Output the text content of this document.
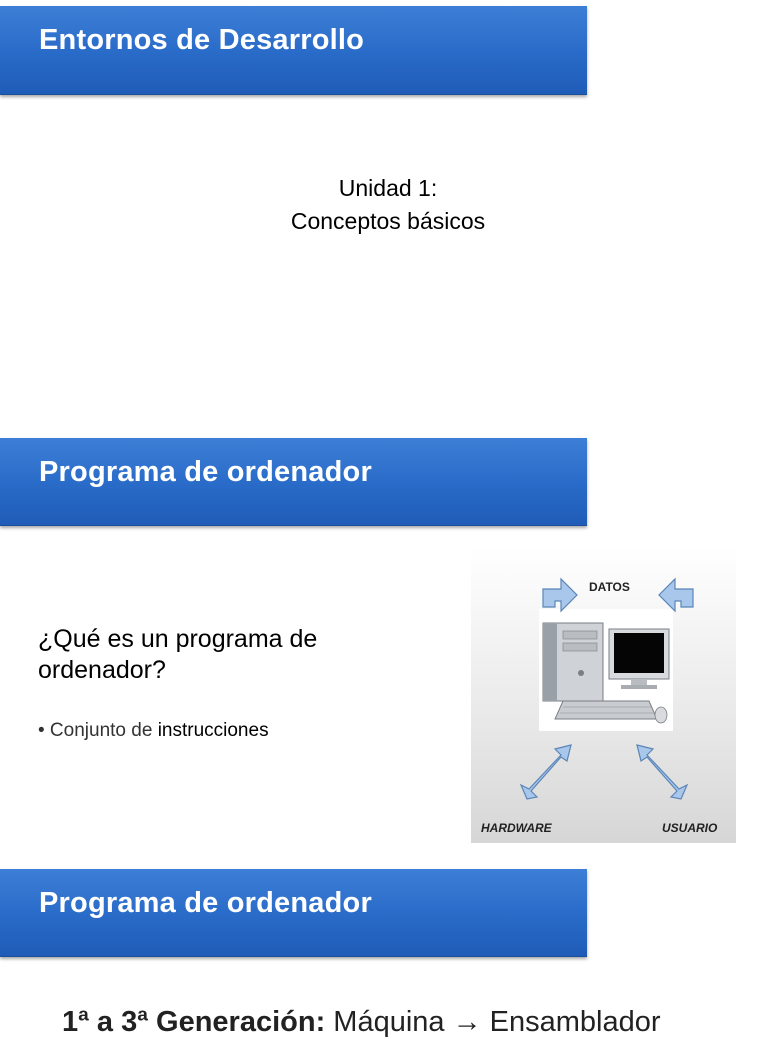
Entornos de Desarrollo
Unidad 1:
Conceptos básicos
Programa de ordenador
¿Qué es un programa de
ordenador?
• Conjunto de instrucciones
DATOS
HARDWARE	USUARIO
Programa de ordenador
1ª a 3ª Generación: Máquina → Ensamblador
